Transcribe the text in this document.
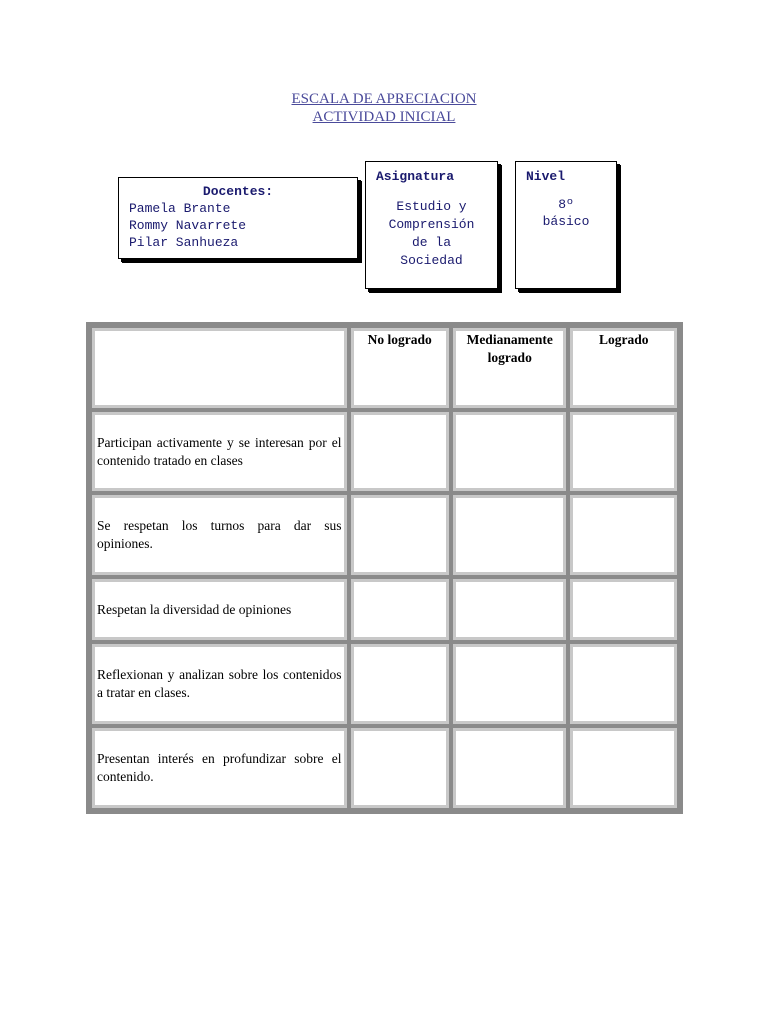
ESCALA DE APRECIACION
ACTIVIDAD INICIAL
Docentes:
Pamela Brante
Rommy Navarrete
Pilar Sanhueza
Asignatura
Estudio y
Comprensión
de la
Sociedad
Nivel
8º
básico
	No logrado	Medianamente logrado	Logrado
Participan activamente y se interesan por el contenido tratado en clases			
Se respetan los turnos para dar sus opiniones.			
Respetan la diversidad de opiniones			
Reflexionan y analizan sobre los contenidos a tratar en clases.			
Presentan interés en profundizar sobre el contenido.			
